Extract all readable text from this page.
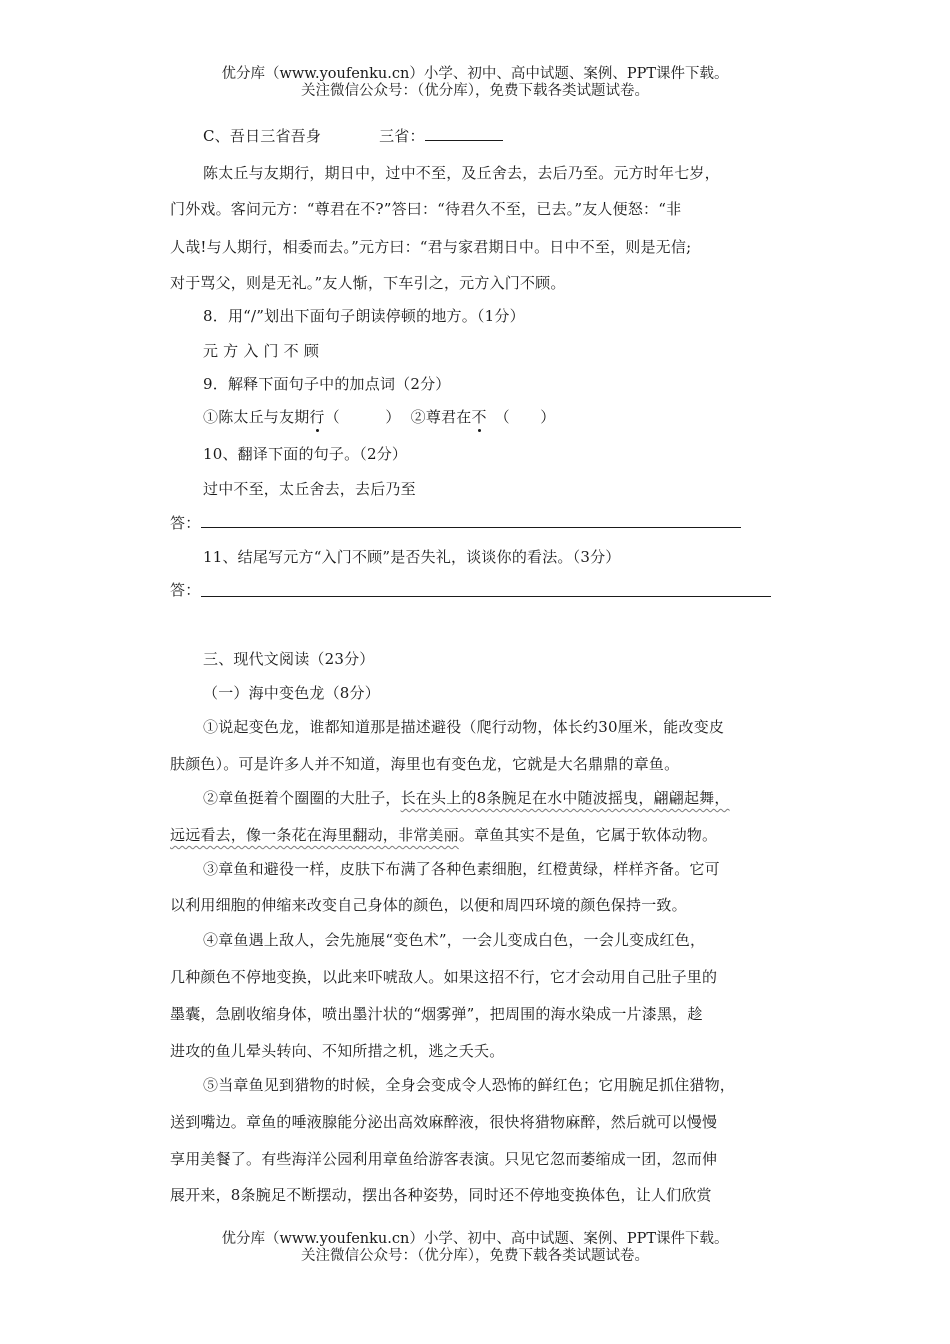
优分库（www.youfenku.cn）小学、初中、高中试题、案例、PPT课件下载。
关注微信公众号：（优分库），免费下载各类试题试卷。
C、吾日三省吾身	三省：
陈太丘与友期行，期日中，过中不至，及丘舍去，去后乃至。元方时年七岁，
门外戏。客问元方：“尊君在不?”答曰：“待君久不至，已去。”友人便怒：“非
人哉!与人期行，相委而去。”元方曰：“君与家君期日中。日中不至，则是无信;
对于骂父，则是无礼。”友人惭，下车引之，元方入门不顾。
8．用“/”划出下面句子朗读停顿的地方。（1分）
元 方 入 门 不 顾
9．解释下面句子中的加点词（2分）
①陈太丘与友期行（　　　） ②尊君在不 （　　）
10、翻译下面的句子。（2分）
过中不至，太丘舍去，去后乃至
答：
11、结尾写元方“入门不顾”是否失礼，谈谈你的看法。（3分）
答：
三、现代文阅读（23分）
（一）海中变色龙（8分）
①说起变色龙，谁都知道那是描述避役（爬行动物，体长约30厘米，能改变皮
肤颜色）。可是许多人并不知道，海里也有变色龙，它就是大名鼎鼎的章鱼。
②章鱼挺着个圈圈的大肚子，长在头上的8条腕足在水中随波摇曳，翩翩起舞，
远远看去，像一条花在海里翻动，非常美丽。章鱼其实不是鱼，它属于软体动物。
③章鱼和避役一样，皮肤下布满了各种色素细胞，红橙黄绿，样样齐备。它可
以利用细胞的伸缩来改变自己身体的颜色，以便和周四环境的颜色保持一致。
④章鱼遇上敌人，会先施展“变色术”，一会儿变成白色，一会儿变成红色，
几种颜色不停地变换，以此来吓唬敌人。如果这招不行，它才会动用自己肚子里的
墨囊，急剧收缩身体，喷出墨汁状的“烟雾弹”，把周围的海水染成一片漆黑，趁
进攻的鱼儿晕头转向、不知所措之机，逃之夭夭。
⑤当章鱼见到猎物的时候，全身会变成令人恐怖的鲜红色；它用腕足抓住猎物，
送到嘴边。章鱼的唾液腺能分泌出高效麻醉液，很快将猎物麻醉，然后就可以慢慢
享用美餐了。有些海洋公园利用章鱼给游客表演。只见它忽而萎缩成一团，忽而伸
展开来，8条腕足不断摆动，摆出各种姿势，同时还不停地变换体色，让人们欣赏
优分库（www.youfenku.cn）小学、初中、高中试题、案例、PPT课件下载。
关注微信公众号：（优分库），免费下载各类试题试卷。
